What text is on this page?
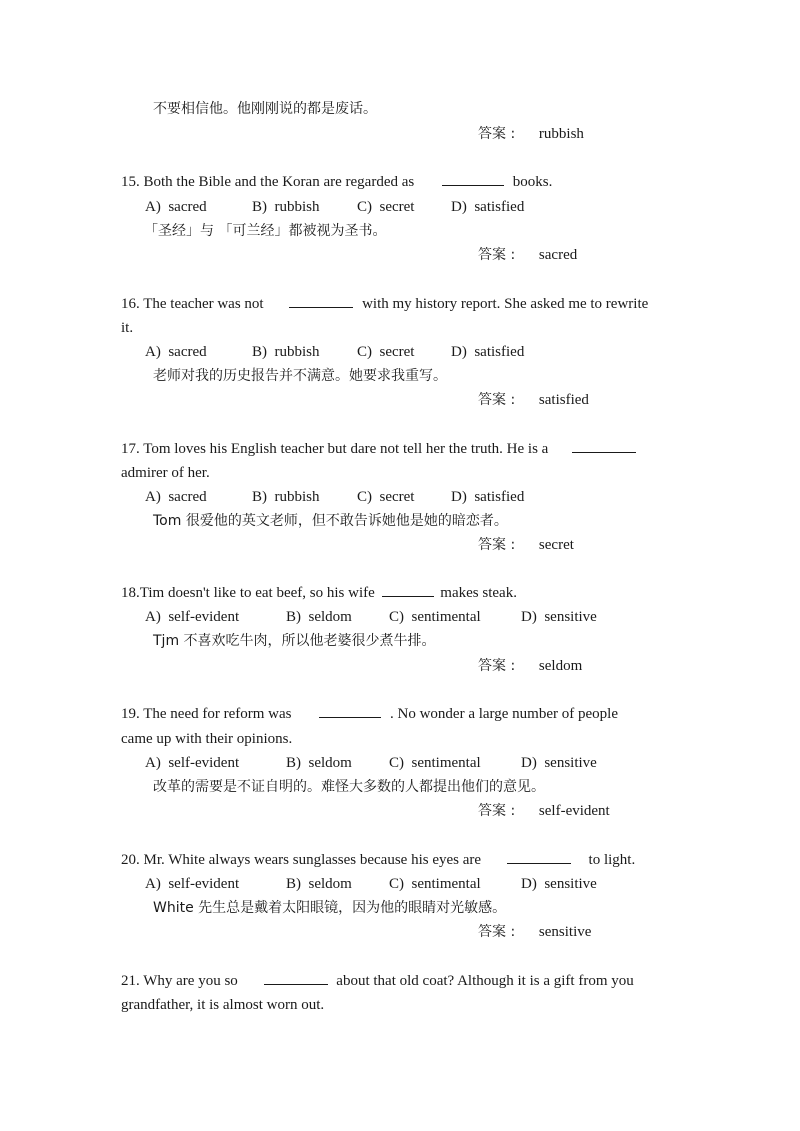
不要相信他。他刚刚说的都是废话。
答案 : rubbish
15. Both the Bible and the Koran are regarded as	books.
A) sacred	B) rubbish	C) secret D) satisfied
「圣经」与 「可兰经」都被视为圣书。
答案 : sacred
16. The teacher was not	with my history report. She asked me to rewrite
it.
A) sacred	B) rubbish	C) secret D) satisfied
老师对我的历史报告并不满意。她要求我重写。
答案 : satisfied
17. Tom loves his English teacher but dare not tell her the truth. He is a
admirer of her.
A) sacred	B) rubbish	C) secret D) satisfied
Tom 很爱他的英文老师，但不敢告诉她他是她的暗恋者。
答案 : secret
18.Tim doesn't like to eat beef, so his wife	makes steak.
A) self-evident	B) seldom C) sentimental	D) sensitive
Tjm 不喜欢吃牛肉，所以他老婆很少煮牛排。
答案 : seldom
19. The need for reform was	. No wonder a large number of people
came up with their opinions.
A) self-evident	B) seldom C) sentimental	D) sensitive
改革的需要是不证自明的。难怪大多数的人都提出他们的意见。
答案 : self-evident
20. Mr. White always wears sunglasses because his eyes are	to light.
A) self-evident	B) seldom C) sentimental	D) sensitive
White 先生总是戴着太阳眼镜，因为他的眼睛对光敏感。
答案 : sensitive
21. Why are you so	about that old coat? Although it is a gift from you
grandfather, it is almost worn out.
